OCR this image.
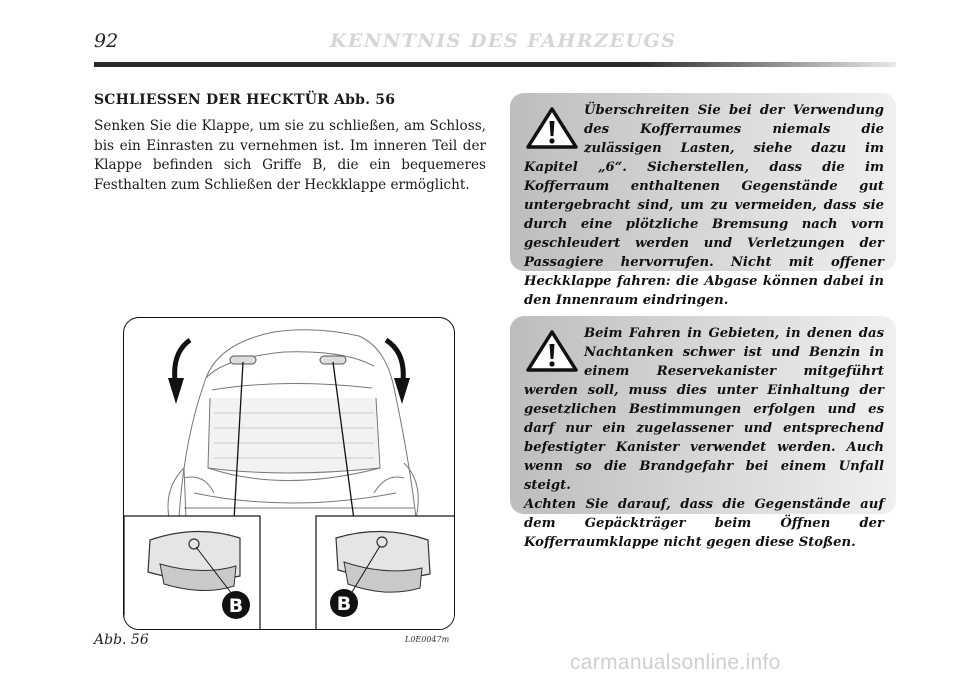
92	KENNTNIS DES FAHRZEUGS
SCHLIESSEN DER HECKTÜR Abb. 56

Senken Sie die Klappe, um sie zu schließen, am Schloss, bis ein Einrasten zu vernehmen ist. Im inneren Teil der Klappe befinden sich Griffe B, die ein bequemeres Festhalten zum Schließen der Heckklappe ermöglicht.

Überschreiten Sie bei der Verwendung des Kofferraumes niemals die zulässigen Lasten, siehe dazu im Kapitel „6“. Sicherstellen, dass die im Kofferraum enthaltenen Gegenstände gut untergebracht sind, um zu vermeiden, dass sie durch eine plötzliche Bremsung nach vorn geschleudert werden und Verletzungen der Passagiere hervorrufen. Nicht mit offener Heckklappe fahren: die Abgase können dabei in den Innenraum eindringen.

Beim Fahren in Gebieten, in denen das Nachtanken schwer ist und Benzin in einem Reservekanister mitgeführt werden soll, muss dies unter Einhaltung der gesetzlichen Bestimmungen erfolgen und es darf nur ein zugelassener und entsprechend befestigter Kanister verwendet werden. Auch wenn so die Brandgefahr bei einem Unfall steigt.

Achten Sie darauf, dass die Gegenstände auf dem Gepäckträger beim Öffnen der Kofferraumklappe nicht gegen diese Stoßen.

B	B
L0E0047m
Abb. 56
carmanualsonline.info
